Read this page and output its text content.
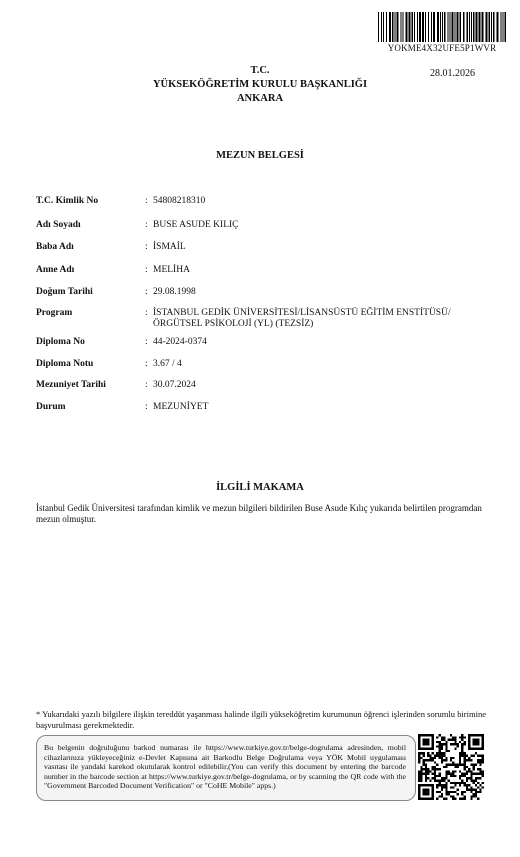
YOKME4X32UFE5P1WVR
28.01.2026
T.C.
YÜKSEKÖĞRETİM KURULU BAŞKANLIĞI
ANKARA
MEZUN BELGESİ
T.C. Kimlik No	: 54808218310
Adı Soyadı	: BUSE ASUDE KILIÇ
Baba Adı	: İSMAİL
Anne Adı	: MELİHA
Doğum Tarihi	: 29.08.1998
Program	: İSTANBUL GEDİK ÜNİVERSİTESİ/LİSANSÜSTÜ EĞİTİM ENSTİTÜSÜ/ÖRGÜTSEL PSİKOLOJİ (YL) (TEZSİZ)
Diploma No	: 44-2024-0374
Diploma Notu	: 3.67 / 4
Mezuniyet Tarihi	: 30.07.2024
Durum	: MEZUNİYET
İLGİLİ MAKAMA
İstanbul Gedik Üniversitesi tarafından kimlik ve mezun bilgileri bildirilen Buse Asude Kılıç yukarıda belirtilen programdan mezun olmuştur.
* Yukarıdaki yazılı bilgilere ilişkin tereddüt yaşanması halinde ilgili yükseköğretim kurumunun öğrenci işlerinden sorumlu birimine başvurulması gerekmektedir.
Bu belgenin doğruluğunu barkod numarası ile https://www.turkiye.gov.tr/belge-dogrulama adresinden, mobil cihazlarınıza yükleyeceğiniz e-Devlet Kapısına ait Barkodlu Belge Doğrulama veya YÖK Mobil uygulaması vasıtası ile yandaki karekod okutularak kontrol edilebilir.(You can verify this document by entering the barcode number in the barcode section at https://www.turkiye.gov.tr/belge-dogrulama, or by scanning the QR code with the "Government Barcoded Document Verification" or "CoHE Mobile" apps.)
